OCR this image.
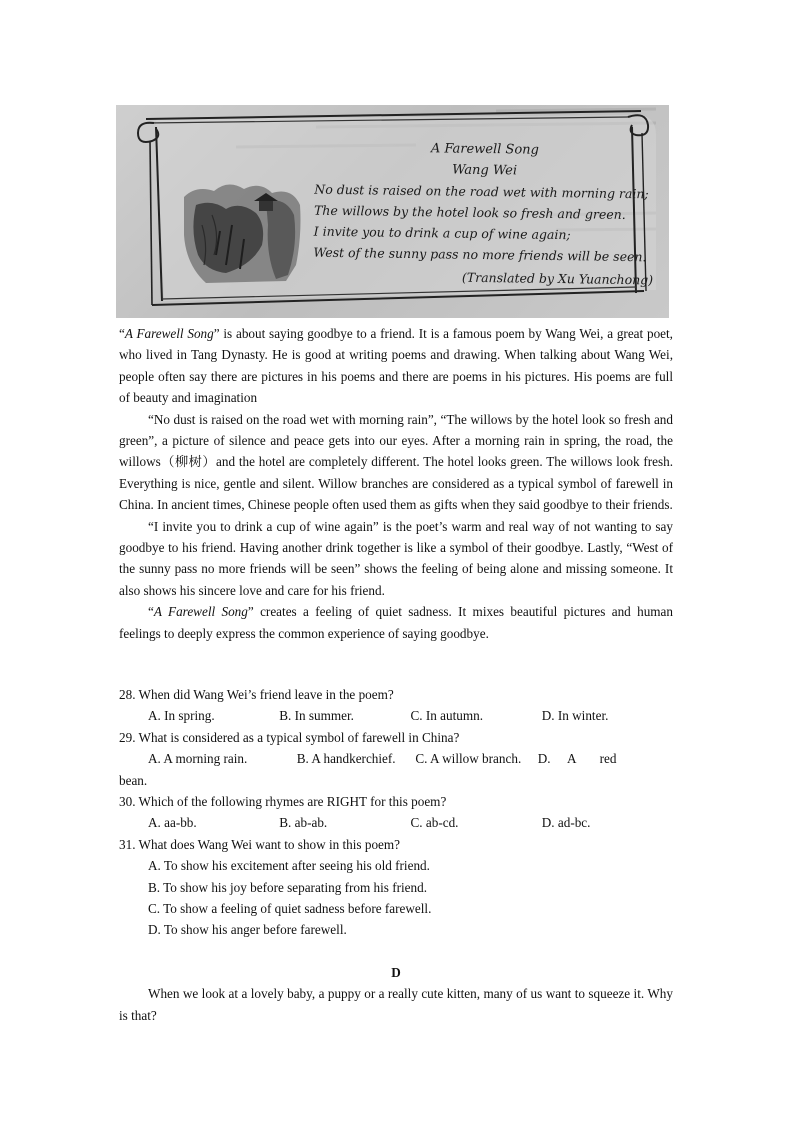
A Farewell Song
Wang Wei
No dust is raised on the road wet with morning rain;
The willows by the hotel look so fresh and green.
I invite you to drink a cup of wine again;
West of the sunny pass no more friends will be seen.
(Translated by Xu Yuanchong)

“A Farewell Song” is about saying goodbye to a friend. It is a famous poem by Wang Wei, a great poet, who lived in Tang Dynasty. He is good at writing poems and drawing. When talking about Wang Wei, people often say there are pictures in his poems and there are poems in his pictures. His poems are full of beauty and imagination

“No dust is raised on the road wet with morning rain”, “The willows by the hotel look so fresh and green”, a picture of silence and peace gets into our eyes. After a morning rain in spring, the road, the willows（柳树）and the hotel are completely different. The hotel looks green. The willows look fresh. Everything is nice, gentle and silent. Willow branches are considered as a typical symbol of farewell in China. In ancient times, Chinese people often used them as gifts when they said goodbye to their friends.

“I invite you to drink a cup of wine again” is the poet’s warm and real way of not wanting to say goodbye to his friend. Having another drink together is like a symbol of their goodbye. Lastly, “West of the sunny pass no more friends will be seen” shows the feeling of being alone and missing someone. It also shows his sincere love and care for his friend.

“A Farewell Song” creates a feeling of quiet sadness. It mixes beautiful pictures and human feelings to deeply express the common experience of saying goodbye.

28. When did Wang Wei’s friend leave in the poem?

A. In spring.	B. In summer.	C. In autumn.	D. In winter.

29. What is considered as a typical symbol of farewell in China?

A. A morning rain.               B. A handkerchief.      C. A willow branch.     D.     A       red

bean.

30. Which of the following rhymes are RIGHT for this poem?

A. aa-bb.	B. ab-ab.	C. ab-cd.	D. ad-bc.

31. What does Wang Wei want to show in this poem?

A. To show his excitement after seeing his old friend.

B. To show his joy before separating from his friend.

C. To show a feeling of quiet sadness before farewell.

D. To show his anger before farewell.

D

When we look at a lovely baby, a puppy or a really cute kitten, many of us want to squeeze it. Why is that?
